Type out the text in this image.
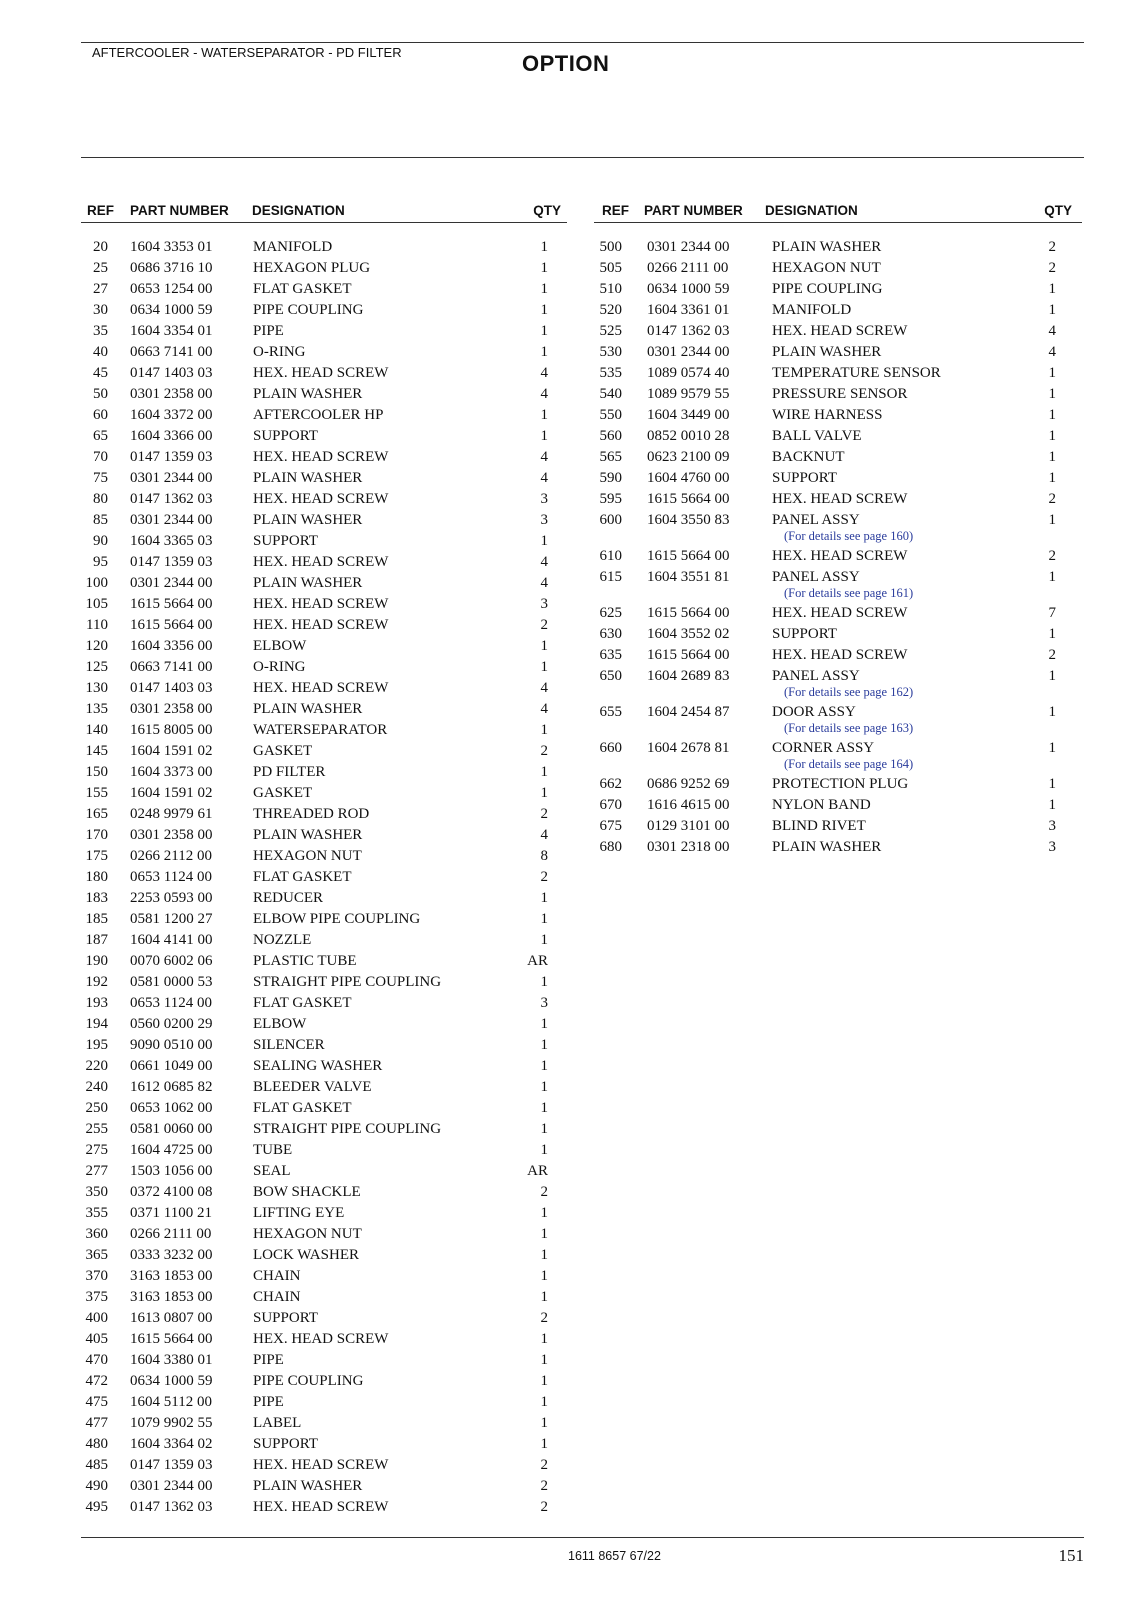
AFTERCOOLER - WATERSEPARATOR - PD FILTER	OPTION
REF PART NUMBER DESIGNATION	QTY
20 1604 3353 01	MANIFOLD	1
25 0686 3716 10	HEXAGON PLUG	1
27 0653 1254 00	FLAT GASKET	1
30 0634 1000 59	PIPE COUPLING	1
35 1604 3354 01	PIPE	1
40 0663 7141 00	O-RING	1
45 0147 1403 03	HEX. HEAD SCREW	4
50 0301 2358 00	PLAIN WASHER	4
60 1604 3372 00	AFTERCOOLER HP	1
65 1604 3366 00	SUPPORT	1
70 0147 1359 03	HEX. HEAD SCREW	4
75 0301 2344 00	PLAIN WASHER	4
80 0147 1362 03	HEX. HEAD SCREW	3
85 0301 2344 00	PLAIN WASHER	3
90 1604 3365 03	SUPPORT	1
95 0147 1359 03	HEX. HEAD SCREW	4
100 0301 2344 00	PLAIN WASHER	4
105 1615 5664 00	HEX. HEAD SCREW	3
110 1615 5664 00	HEX. HEAD SCREW	2
120 1604 3356 00	ELBOW	1
125 0663 7141 00	O-RING	1
130 0147 1403 03	HEX. HEAD SCREW	4
135 0301 2358 00	PLAIN WASHER	4
140 1615 8005 00	WATERSEPARATOR	1
145 1604 1591 02	GASKET	2
150 1604 3373 00	PD FILTER	1
155 1604 1591 02	GASKET	1
165 0248 9979 61	THREADED ROD	2
170 0301 2358 00	PLAIN WASHER	4
175 0266 2112 00	HEXAGON NUT	8
180 0653 1124 00	FLAT GASKET	2
183 2253 0593 00	REDUCER	1
185 0581 1200 27	ELBOW PIPE COUPLING	1
187 1604 4141 00	NOZZLE	1
190 0070 6002 06	PLASTIC TUBE	AR
192 0581 0000 53	STRAIGHT PIPE COUPLING	1
193 0653 1124 00	FLAT GASKET	3
194 0560 0200 29	ELBOW	1
195 9090 0510 00	SILENCER	1
220 0661 1049 00	SEALING WASHER	1
240 1612 0685 82	BLEEDER VALVE	1
250 0653 1062 00	FLAT GASKET	1
255 0581 0060 00	STRAIGHT PIPE COUPLING	1
275 1604 4725 00	TUBE	1
277 1503 1056 00	SEAL	AR
350 0372 4100 08	BOW SHACKLE	2
355 0371 1100 21	LIFTING EYE	1
360 0266 2111 00	HEXAGON NUT	1
365 0333 3232 00	LOCK WASHER	1
370 3163 1853 00	CHAIN	1
375 3163 1853 00	CHAIN	1
400 1613 0807 00	SUPPORT	2
405 1615 5664 00	HEX. HEAD SCREW	1
470 1604 3380 01	PIPE	1
472 0634 1000 59	PIPE COUPLING	1
475 1604 5112 00	PIPE	1
477 1079 9902 55	LABEL	1
480 1604 3364 02	SUPPORT	1
485 0147 1359 03	HEX. HEAD SCREW	2
490 0301 2344 00	PLAIN WASHER	2
495 0147 1362 03	HEX. HEAD SCREW	2
REF PART NUMBER DESIGNATION	QTY
500 0301 2344 00	PLAIN WASHER	2
505 0266 2111 00	HEXAGON NUT	2
510 0634 1000 59	PIPE COUPLING	1
520 1604 3361 01	MANIFOLD	1
525 0147 1362 03	HEX. HEAD SCREW	4
530 0301 2344 00	PLAIN WASHER	4
535 1089 0574 40	TEMPERATURE SENSOR	1
540 1089 9579 55	PRESSURE SENSOR	1
550 1604 3449 00	WIRE HARNESS	1
560 0852 0010 28	BALL VALVE	1
565 0623 2100 09	BACKNUT	1
590 1604 4760 00	SUPPORT	1
595 1615 5664 00	HEX. HEAD SCREW	2
600 1604 3550 83	PANEL ASSY	1
(For details see page 160)
610 1615 5664 00	HEX. HEAD SCREW	2
615 1604 3551 81	PANEL ASSY	1
(For details see page 161)
625 1615 5664 00	HEX. HEAD SCREW	7
630 1604 3552 02	SUPPORT	1
635 1615 5664 00	HEX. HEAD SCREW	2
650 1604 2689 83	PANEL ASSY	1
(For details see page 162)
655 1604 2454 87	DOOR ASSY	1
(For details see page 163)
660 1604 2678 81	CORNER ASSY	1
(For details see page 164)
662 0686 9252 69	PROTECTION PLUG	1
670 1616 4615 00	NYLON BAND	1
675 0129 3101 00	BLIND RIVET	3
680 0301 2318 00	PLAIN WASHER	3
1611 8657 67/22	151
